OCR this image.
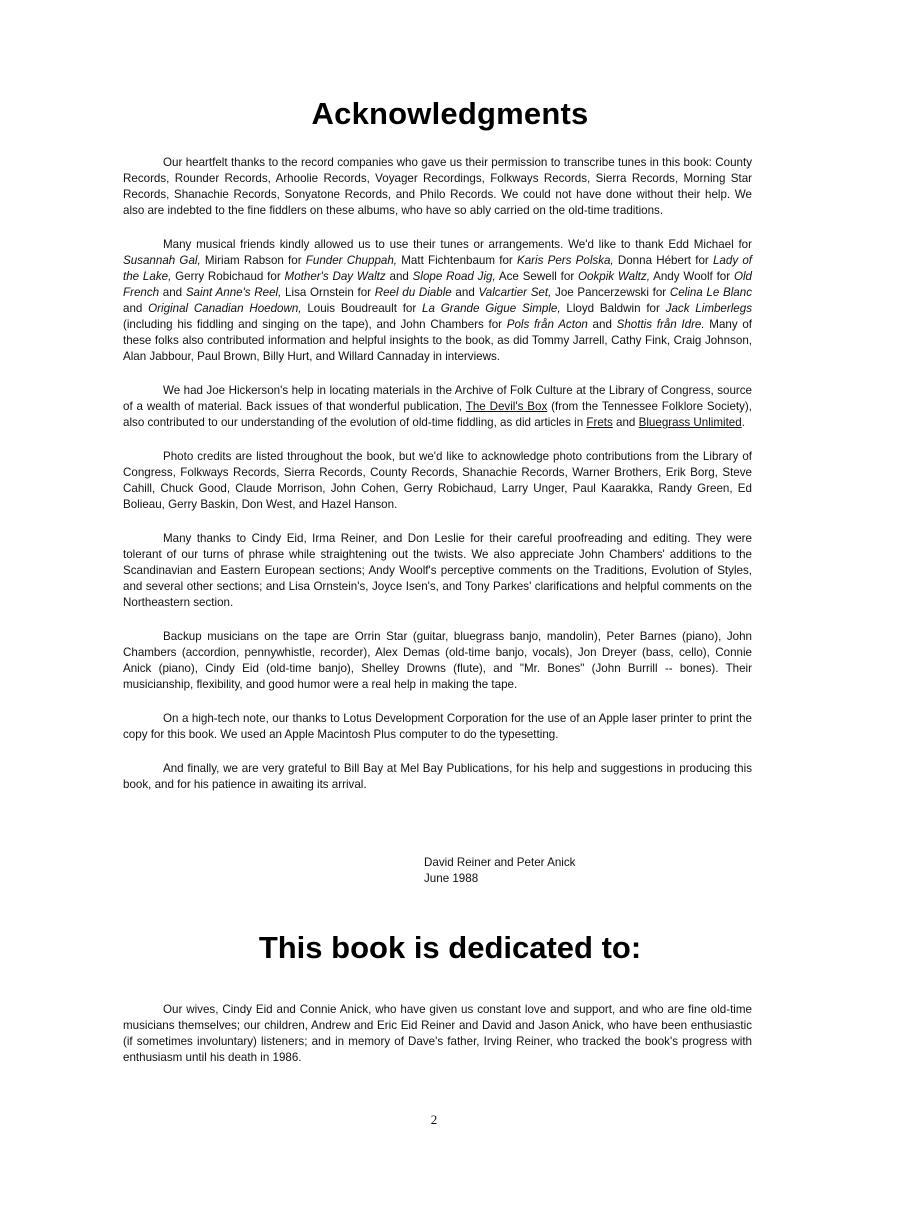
Acknowledgments

Our heartfelt thanks to the record companies who gave us their permission to transcribe tunes in this book: County Records, Rounder Records, Arhoolie Records, Voyager Recordings, Folkways Records, Sierra Records, Morning Star Records, Shanachie Records, Sonyatone Records, and Philo Records. We could not have done without their help. We also are indebted to the fine fiddlers on these albums, who have so ably carried on the old-time traditions.

Many musical friends kindly allowed us to use their tunes or arrangements. We'd like to thank Edd Michael for Susannah Gal, Miriam Rabson for Funder Chuppah, Matt Fichtenbaum for Karis Pers Polska, Donna Hébert for Lady of the Lake, Gerry Robichaud for Mother's Day Waltz and Slope Road Jig, Ace Sewell for Ookpik Waltz, Andy Woolf for Old French and Saint Anne's Reel, Lisa Ornstein for Reel du Diable and Valcartier Set, Joe Pancerzewski for Celina Le Blanc and Original Canadian Hoedown, Louis Boudreault for La Grande Gigue Simple, Lloyd Baldwin for Jack Limberlegs (including his fiddling and singing on the tape), and John Chambers for Pols från Acton and Shottis från Idre. Many of these folks also contributed information and helpful insights to the book, as did Tommy Jarrell, Cathy Fink, Craig Johnson, Alan Jabbour, Paul Brown, Billy Hurt, and Willard Cannaday in interviews.

We had Joe Hickerson's help in locating materials in the Archive of Folk Culture at the Library of Congress, source of a wealth of material. Back issues of that wonderful publication, The Devil's Box (from the Tennessee Folklore Society), also contributed to our understanding of the evolution of old-time fiddling, as did articles in Frets and Bluegrass Unlimited.

Photo credits are listed throughout the book, but we'd like to acknowledge photo contributions from the Library of Congress, Folkways Records, Sierra Records, County Records, Shanachie Records, Warner Brothers, Erik Borg, Steve Cahill, Chuck Good, Claude Morrison, John Cohen, Gerry Robichaud, Larry Unger, Paul Kaarakka, Randy Green, Ed Bolieau, Gerry Baskin, Don West, and Hazel Hanson.

Many thanks to Cindy Eid, Irma Reiner, and Don Leslie for their careful proofreading and editing. They were tolerant of our turns of phrase while straightening out the twists. We also appreciate John Chambers' additions to the Scandinavian and Eastern European sections; Andy Woolf's perceptive comments on the Traditions, Evolution of Styles, and several other sections; and Lisa Ornstein's, Joyce Isen's, and Tony Parkes' clarifications and helpful comments on the Northeastern section.

Backup musicians on the tape are Orrin Star (guitar, bluegrass banjo, mandolin), Peter Barnes (piano), John Chambers (accordion, pennywhistle, recorder), Alex Demas (old-time banjo, vocals), Jon Dreyer (bass, cello), Connie Anick (piano), Cindy Eid (old-time banjo), Shelley Drowns (flute), and "Mr. Bones" (John Burrill -- bones). Their musicianship, flexibility, and good humor were a real help in making the tape.

On a high-tech note, our thanks to Lotus Development Corporation for the use of an Apple laser printer to print the copy for this book. We used an Apple Macintosh Plus computer to do the typesetting.

And finally, we are very grateful to Bill Bay at Mel Bay Publications, for his help and suggestions in producing this book, and for his patience in awaiting its arrival.

David Reiner and Peter Anick
June 1988
This book is dedicated to:

Our wives, Cindy Eid and Connie Anick, who have given us constant love and support, and who are fine old-time musicians themselves; our children, Andrew and Eric Eid Reiner and David and Jason Anick, who have been enthusiastic (if sometimes involuntary) listeners; and in memory of Dave's father, Irving Reiner, who tracked the book's progress with enthusiasm until his death in 1986.

2
